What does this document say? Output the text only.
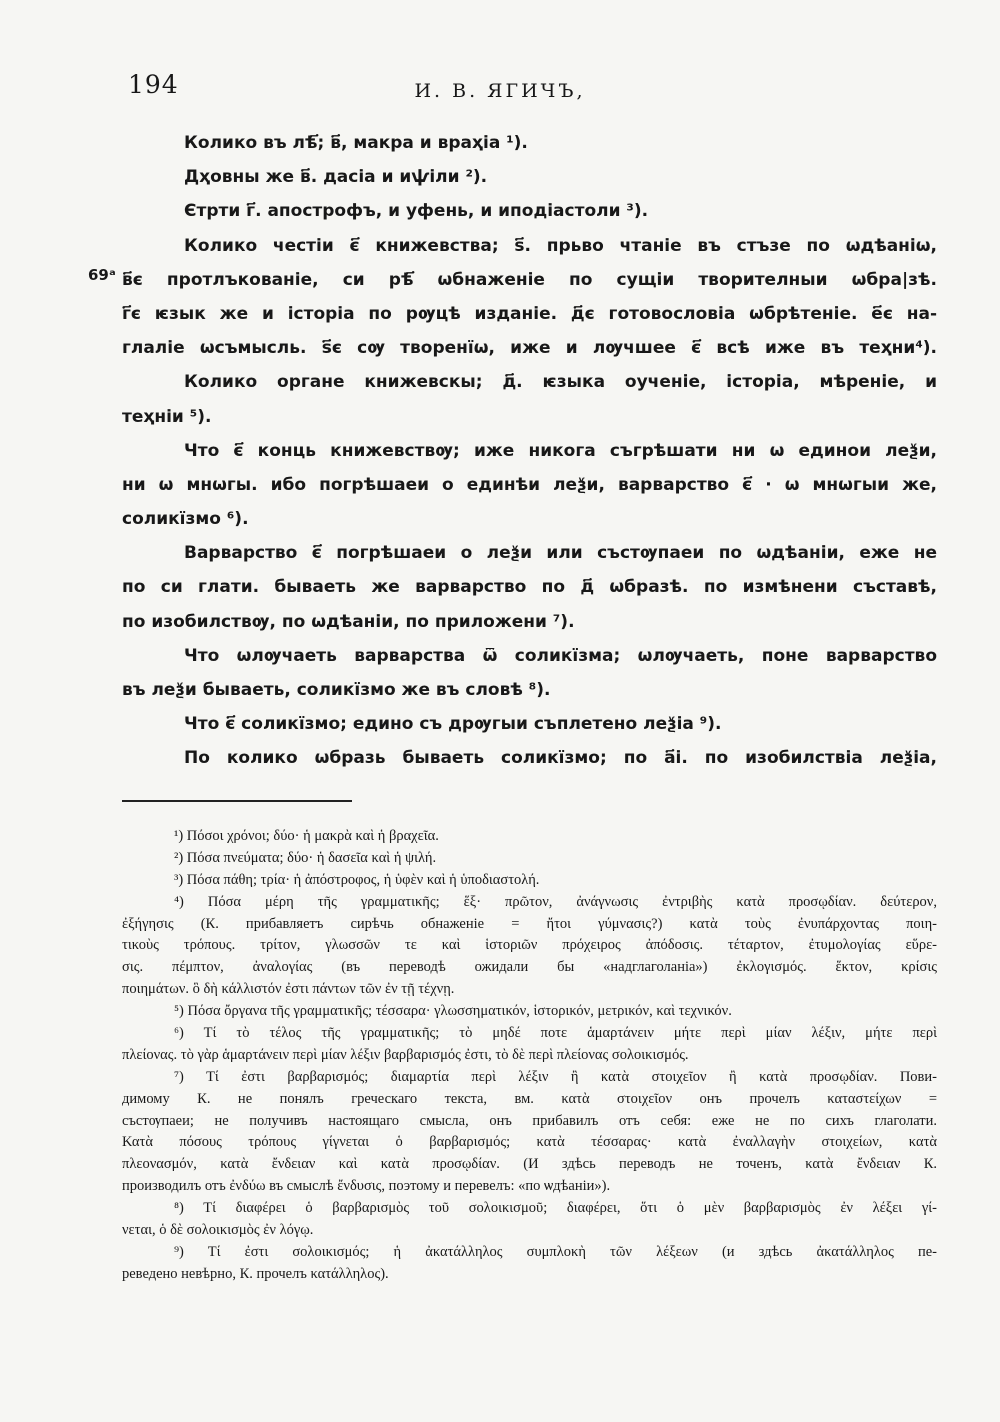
194	И. В. ЯГИЧЪ,
69ᵃ
Колико въ лѣ҃; в҃, макра и враҳіа ¹).
Дҳовны же в҃. дасіа и иѱіли ²).
Єтрти г҃. апострофъ, и уфень, и иподіастоли ³).
Колико честіи є҃ книжевства; ѕ҃. прьво чтаніе въ стъзе по ѡдѣаніѡ,
в҃є протлъкованіе, си рѣ҃ ѡбнаженіе по сущіи творителныи ѡбра|зѣ.
г҃є ѥзык же и історіа по рѹцѣ изданіе. д҃є готовословіа ѡбрѣтеніе. е҃є на-
глаліе ѡсъмысль. ѕ҃є сѹ творенїѡ, иже и лѹчшее є҃ всѣ иже въ теҳни⁴).
Колико органе книжевскы; д҃. ѥзыка оученіе, історіа, мѣреніе, и
теҳніи ⁵).
Что є҃ конць книжевствѹ; иже никога съгрѣшати ни ѡ единои леѯи,
ни ѡ мнѡгы. ибо погрѣшаеи о единѣи леѯи, варварство є҃ · ѡ мнѡгыи же,
соликїзмо ⁶).
Варварство є҃ погрѣшаеи о леѯи или състѹпаеи по ѡдѣаніи, еже не
по си глати. бываеть же варварство по д҃ ѡбразѣ. по измѣнени съставѣ,
по изобилствѹ, по ѡдѣаніи, по приложени ⁷).
Что ѡлѹчаеть варварства ѿ соликїзма; ѡлѹчаеть, поне варварство
въ леѯи бываеть, соликїзмо же въ словѣ ⁸).
Что є҃ соликїзмо; едино съ дрѹгыи съплетено леѯіа ⁹).
По колико ѡбразь бываеть соликїзмо; по а҃і. по изобилствіа леѯіа,
¹) Πόσοι χρόνοι; δύο· ἡ μακρὰ καὶ ἡ βραχεῖα.
²) Πόσα πνεύματα; δύο· ἡ δασεῖα καὶ ἡ ψιλή.
³) Πόσα πάθη; τρία· ἡ ἀπόστροφος, ἡ ὑφὲν καὶ ἡ ὑποδιαστολή.
⁴) Πόσα μέρη τῆς γραμματικῆς; ἕξ· πρῶτον, ἀνάγνωσις ἐντριβὴς κατὰ προσῳδίαν. δεύτερον,
ἐξήγησις (К. прибавляетъ сирѣчь обнаженіе = ἤτοι γύμνασις?) κατὰ τοὺς ἐνυπάρχοντας ποιη-
τικοὺς τρόπους. τρίτον, γλωσσῶν τε καὶ ἱστοριῶν πρόχειρος ἀπόδοσις. τέταρτον, ἐτυμολογίας εὕρε-
σις. πέμπτον, ἀναλογίας (въ переводѣ ожидали бы «надглаголаніа») ἐκλογισμός. ἕκτον, κρίσις
ποιημάτων. ὃ δὴ κάλλιστόν ἐστι πάντων τῶν ἐν τῇ τέχνῃ.
⁵) Πόσα ὄργανα τῆς γραμματικῆς; τέσσαρα· γλωσσηματικόν, ἱστορικόν, μετρικόν, καὶ τεχνικόν.
⁶) Τί τὸ τέλος τῆς γραμματικῆς; τὸ μηδέ ποτε ἁμαρτάνειν μήτε περὶ μίαν λέξιν, μήτε περὶ
πλείονας. τὸ γὰρ ἁμαρτάνειν περὶ μίαν λέξιν βαρβαρισμός ἐστι, τὸ δὲ περὶ πλείονας σολοικισμός.
⁷) Τί ἐστι βαρβαρισμός; διαμαρτία περὶ λέξιν ἢ κατὰ στοιχεῖον ἢ κατὰ προσῳδίαν. Пови-
димому К. не понялъ греческаго текста, вм. κατὰ στοιχεῖον онъ прочелъ καταστείχων =
състѹпаеи; не получивъ настоящаго смысла, онъ прибавилъ отъ себя: еже не по сихъ глаголати.
Κατὰ πόσους τρόπους γίγνεται ὁ βαρβαρισμός; κατὰ τέσσαρας· κατὰ ἐναλλαγὴν στοιχείων, κατὰ
πλεονασμόν, κατὰ ἔνδειαν καὶ κατὰ προσῳδίαν. (И здѣсь переводъ не точенъ, κατὰ ἔνδειαν К.
производилъ отъ ἐνδύω въ смыслѣ ἔνδυσις, поэтому и перевелъ: «по ѡдѣаніи»).
⁸) Τί διαφέρει ὁ βαρβαρισμὸς τοῦ σολοικισμοῦ; διαφέρει, ὅτι ὁ μὲν βαρβαρισμὸς ἐν λέξει γί-
νεται, ὁ δὲ σολοικισμὸς ἐν λόγῳ.
⁹) Τί ἐστι σολοικισμός; ἡ ἀκατάλληλος συμπλοκὴ τῶν λέξεων (и здѣсь ἀκατάλληλος пе-
реведено невѣрно, К. прочелъ κατάλληλος).
